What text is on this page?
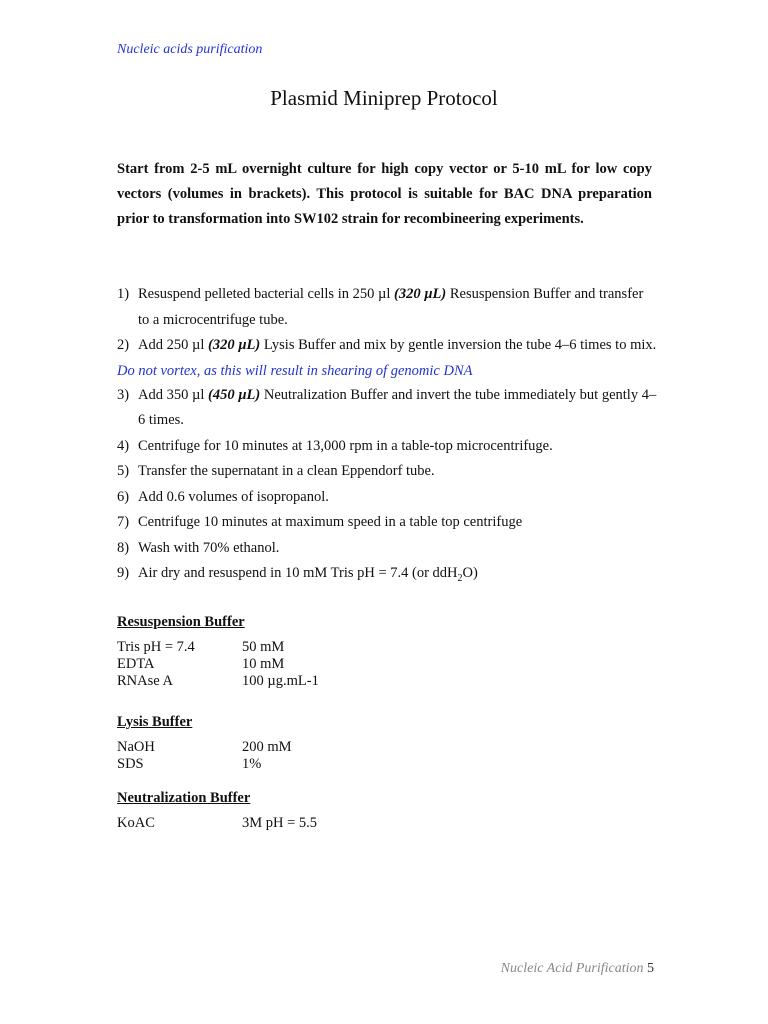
Nucleic acids purification
Plasmid Miniprep Protocol
Start from 2-5 mL overnight culture for high copy vector or 5-10 mL for low copy vectors (volumes in brackets). This protocol is suitable for BAC DNA preparation prior to transformation into SW102 strain for recombineering experiments.
1) Resuspend pelleted bacterial cells in 250 µl (320 µL) Resuspension Buffer and transfer to a microcentrifuge tube.
2) Add 250 µl (320 µL) Lysis Buffer and mix by gentle inversion the tube 4–6 times to mix.
Do not vortex, as this will result in shearing of genomic DNA
3) Add 350 µl (450 µL) Neutralization Buffer and invert the tube immediately but gently 4–6 times.
4) Centrifuge for 10 minutes at 13,000 rpm in a table-top microcentrifuge.
5) Transfer the supernatant in a clean Eppendorf tube.
6) Add 0.6 volumes of isopropanol.
7) Centrifuge 10 minutes at maximum speed in a table top centrifuge
8) Wash with 70% ethanol.
9) Air dry and resuspend in 10 mM Tris pH = 7.4 (or ddH$_2$O)
Resuspension Buffer
Tris pH = 7.4	50 mM
EDTA	10 mM
RNAse A	100 µg.mL-1
Lysis Buffer
NaOH	200 mM
SDS	1%
Neutralization Buffer
KoAC	3M pH = 5.5
Nucleic Acid Purification 5
